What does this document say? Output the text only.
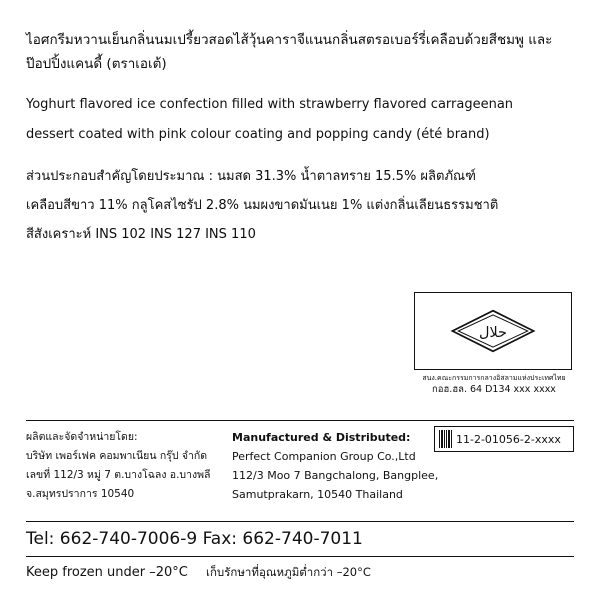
ไอศกรีมหวานเย็นกลิ่นนมเปรี้ยวสอดไส้วุ้นคาราจีแนนกลิ่นสตรอเบอร์รี่เคลือบด้วยสีชมพู และป๊อปปิ้งแคนดี้ (ตราเอเต้)
Yoghurt flavored ice confection filled with strawberry flavored carrageenan
dessert coated with pink colour coating and popping candy (été brand)
ส่วนประกอบสำคัญโดยประมาณ : นมสด 31.3% น้ำตาลทราย 15.5% ผลิตภัณฑ์
เคลือบสีขาว 11% กลูโคสไซรัป 2.8% นมผงขาดมันเนย 1% แต่งกลิ่นเลียนธรรมชาติ
สีสังเคราะห์ INS 102 INS 127 INS 110
حلال
สนง.คณะกรรมการกลางอิสลามแห่งประเทศไทย
กอฮ.ฮล. 64 D134 xxx xxxx
ผลิตและจัดจำหน่ายโดย:
บริษัท เพอร์เฟค คอมพาเนียน กรุ๊ป จำกัด
เลขที่ 112/3 หมู่ 7 ต.บางโฉลง อ.บางพลี
จ.สมุทรปราการ 10540
Manufactured & Distributed:
Perfect Companion Group Co.,Ltd
112/3 Moo 7 Bangchalong, Bangplee,
Samutprakarn, 10540 Thailand
11-2-01056-2-xxxx
Tel: 662-740-7006-9 Fax: 662-740-7011
Keep frozen under –20°C เก็บรักษาที่อุณหภูมิต่ำกว่า –20°C
